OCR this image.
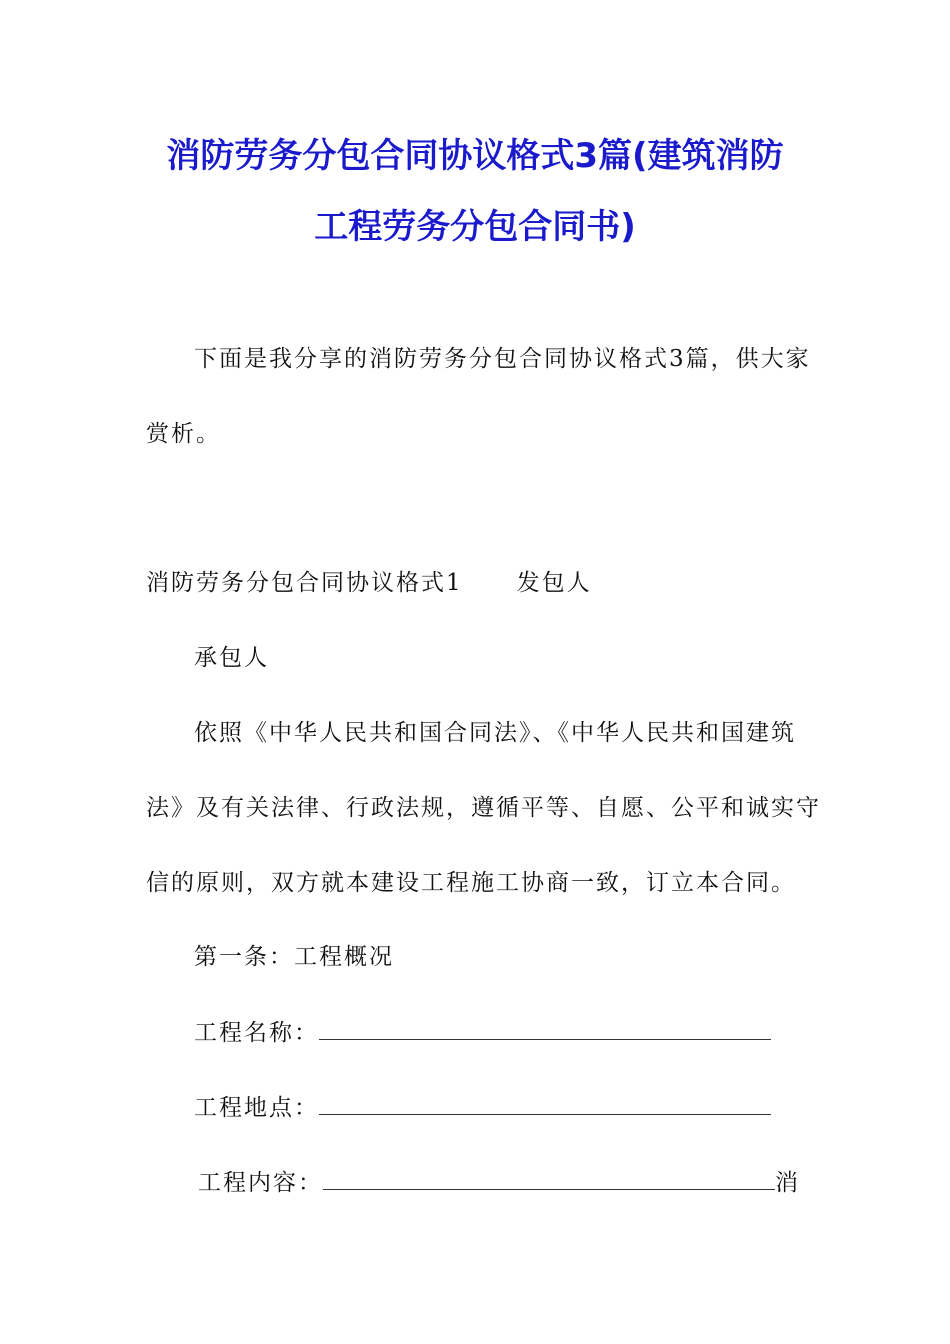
消防劳务分包合同协议格式3篇(建筑消防
工程劳务分包合同书)
下面是我分享的消防劳务分包合同协议格式3篇，供大家
赏析。
消防劳务分包合同协议格式1 发包人
承包人
依照《中华人民共和国合同法》、《中华人民共和国建筑
法》及有关法律、行政法规，遵循平等、自愿、公平和诚实守
信的原则，双方就本建设工程施工协商一致，订立本合同。
第一条：工程概况
工程名称：
工程地点：
工程内容：	消
